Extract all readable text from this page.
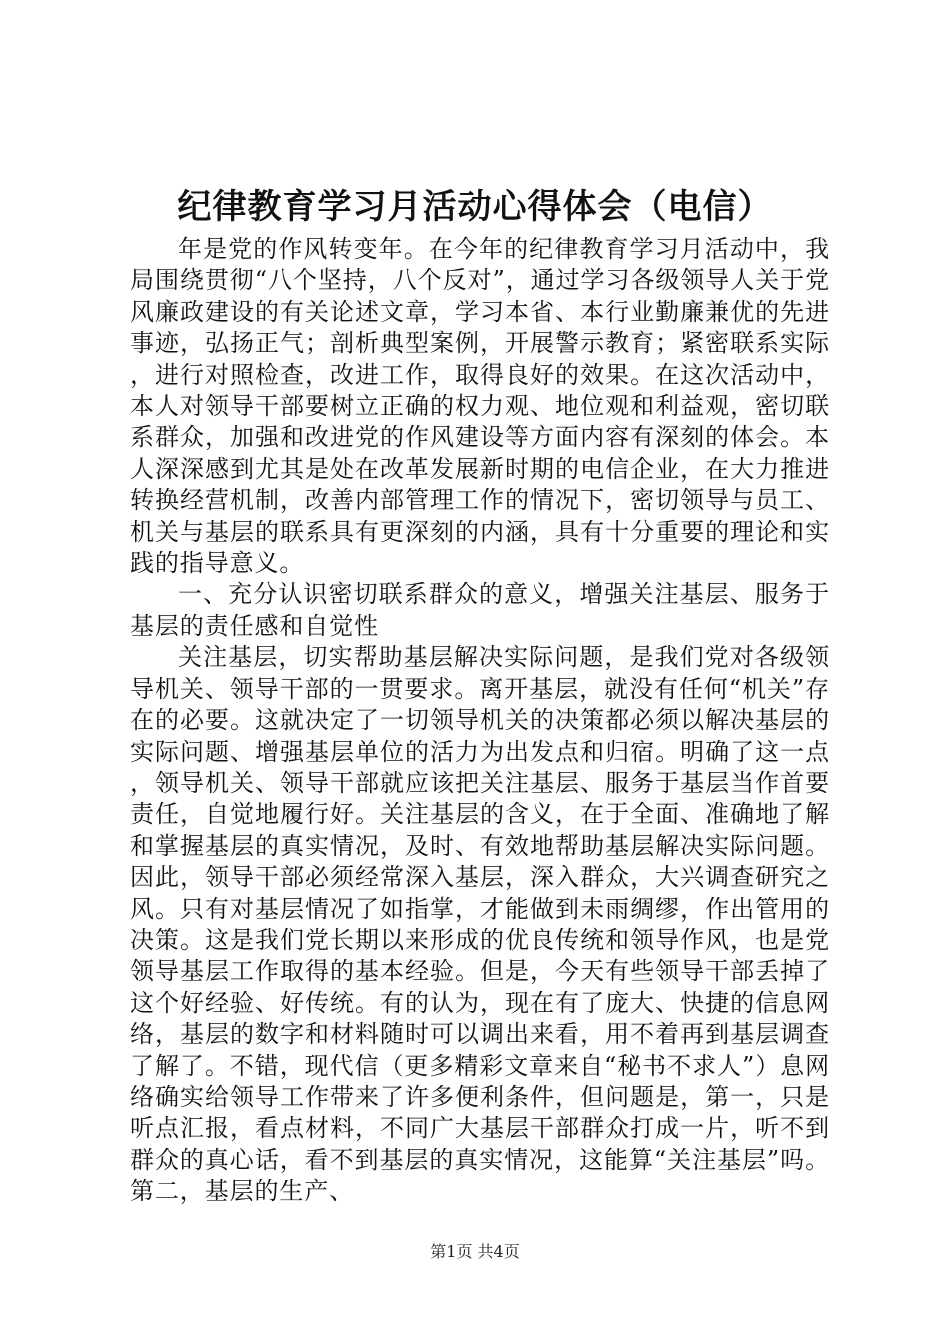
纪律教育学习月活动心得体会（电信）

年是党的作风转变年。在今年的纪律教育学习月活动中，我局围绕贯彻“八个坚持，八个反对”，通过学习各级领导人关于党风廉政建设的有关论述文章，学习本省、本行业勤廉兼优的先进事迹，弘扬正气；剖析典型案例，开展警示教育；紧密联系实际，进行对照检查，改进工作，取得良好的效果。在这次活动中，本人对领导干部要树立正确的权力观、地位观和利益观，密切联系群众，加强和改进党的作风建设等方面内容有深刻的体会。本人深深感到尤其是处在改革发展新时期的电信企业，在大力推进转换经营机制，改善内部管理工作的情况下，密切领导与员工、机关与基层的联系具有更深刻的内涵，具有十分重要的理论和实践的指导意义。

一、充分认识密切联系群众的意义，增强关注基层、服务于基层的责任感和自觉性

关注基层，切实帮助基层解决实际问题，是我们党对各级领导机关、领导干部的一贯要求。离开基层，就没有任何“机关”存在的必要。这就决定了一切领导机关的决策都必须以解决基层的实际问题、增强基层单位的活力为出发点和归宿。明确了这一点，领导机关、领导干部就应该把关注基层、服务于基层当作首要责任，自觉地履行好。关注基层的含义，在于全面、准确地了解和掌握基层的真实情况，及时、有效地帮助基层解决实际问题。因此，领导干部必须经常深入基层，深入群众，大兴调查研究之风。只有对基层情况了如指掌，才能做到未雨绸缪，作出管用的决策。这是我们党长期以来形成的优良传统和领导作风，也是党领导基层工作取得的基本经验。但是，今天有些领导干部丢掉了这个好经验、好传统。有的认为，现在有了庞大、快捷的信息网络，基层的数字和材料随时可以调出来看，用不着再到基层调查了解了。不错，现代信（更多精彩文章来自“秘书不求人”）息网络确实给领导工作带来了许多便利条件，但问题是，第一，只是听点汇报，看点材料，不同广大基层干部群众打成一片，听不到群众的真心话，看不到基层的真实情况，这能算“关注基层”吗。第二，基层的生产、

第1页 共4页
